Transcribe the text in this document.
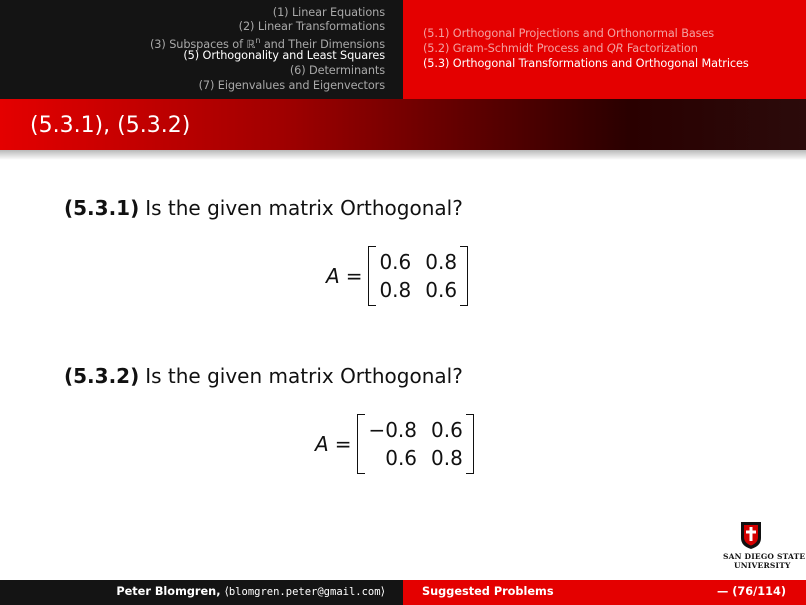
(1) Linear Equations
(2) Linear Transformations
(3) Subspaces of ℝ$^n$ and Their Dimensions
(5) Orthogonality and Least Squares
(6) Determinants
(7) Eigenvalues and Eigenvectors
(5.1) Orthogonal Projections and Orthonormal Bases
(5.2) Gram-Schmidt Process and QR Factorization
(5.3) Orthogonal Transformations and Orthogonal Matrices
(5.3.1), (5.3.2)
(5.3.1) Is the given matrix Orthogonal?
A =
0.6 0.8
0.8 0.6
(5.3.2) Is the given matrix Orthogonal?
A =
−0.8 0.6
0.6 0.8
SAN DIEGO STATE
UNIVERSITY
Peter Blomgren, ⟨blomgren.peter@gmail.com⟩	Suggested Problems	— (76/114)
